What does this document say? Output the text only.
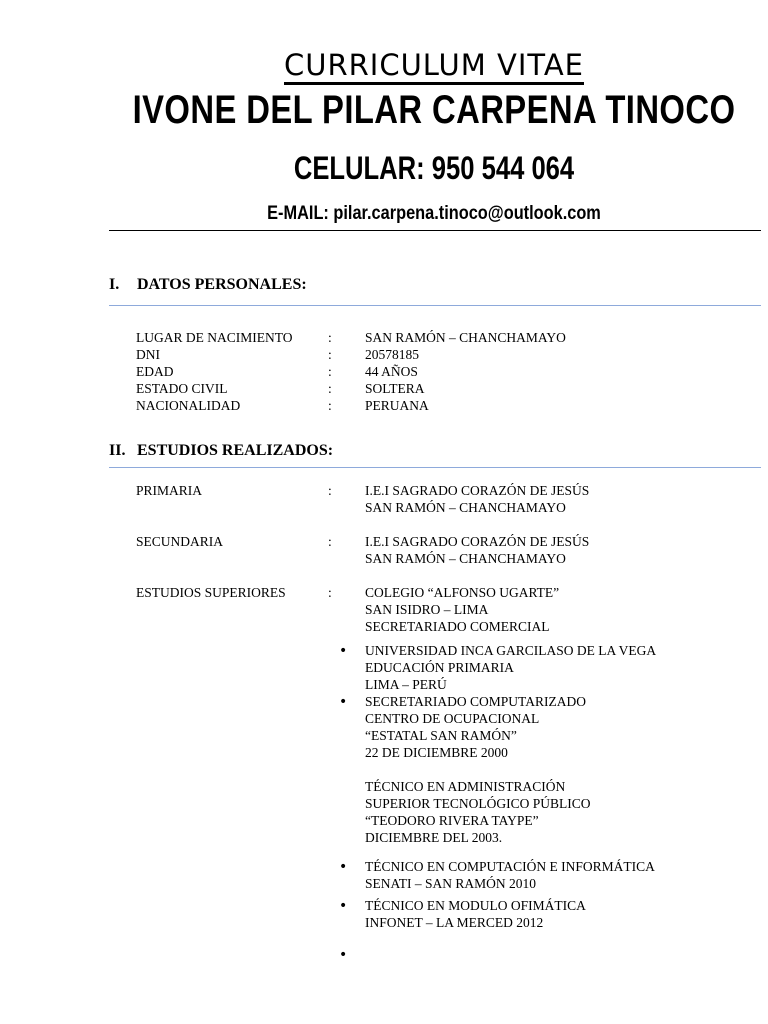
CURRICULUM VITAE
IVONE DEL PILAR CARPENA TINOCO
CELULAR: 950 544 064
E-MAIL: pilar.carpena.tinoco@outlook.com
I. DATOS PERSONALES:
LUGAR DE NACIMIENTO	: SAN RAMÓN – CHANCHAMAYO
DNI	: 20578185
EDAD	: 44 AÑOS
ESTADO CIVIL	: SOLTERA
NACIONALIDAD	: PERUANA
II. ESTUDIOS REALIZADOS:
PRIMARIA	: I.E.I SAGRADO CORAZÓN DE JESÚS
SAN RAMÓN – CHANCHAMAYO
SECUNDARIA	: I.E.I SAGRADO CORAZÓN DE JESÚS
SAN RAMÓN – CHANCHAMAYO
ESTUDIOS SUPERIORES	: COLEGIO “ALFONSO UGARTE”
SAN ISIDRO – LIMA
SECRETARIADO COMERCIAL
• UNIVERSIDAD INCA GARCILASO DE LA VEGA
EDUCACIÓN PRIMARIA
LIMA – PERÚ
• SECRETARIADO COMPUTARIZADO
CENTRO DE OCUPACIONAL
“ESTATAL SAN RAMÓN”
22 DE DICIEMBRE 2000
TÉCNICO EN ADMINISTRACIÓN
SUPERIOR TECNOLÓGICO PÚBLICO
“TEODORO RIVERA TAYPE”
DICIEMBRE DEL 2003.
• TÉCNICO EN COMPUTACIÓN E INFORMÁTICA
SENATI – SAN RAMÓN 2010
• TÉCNICO EN MODULO OFIMÁTICA
INFONET – LA MERCED 2012
•
